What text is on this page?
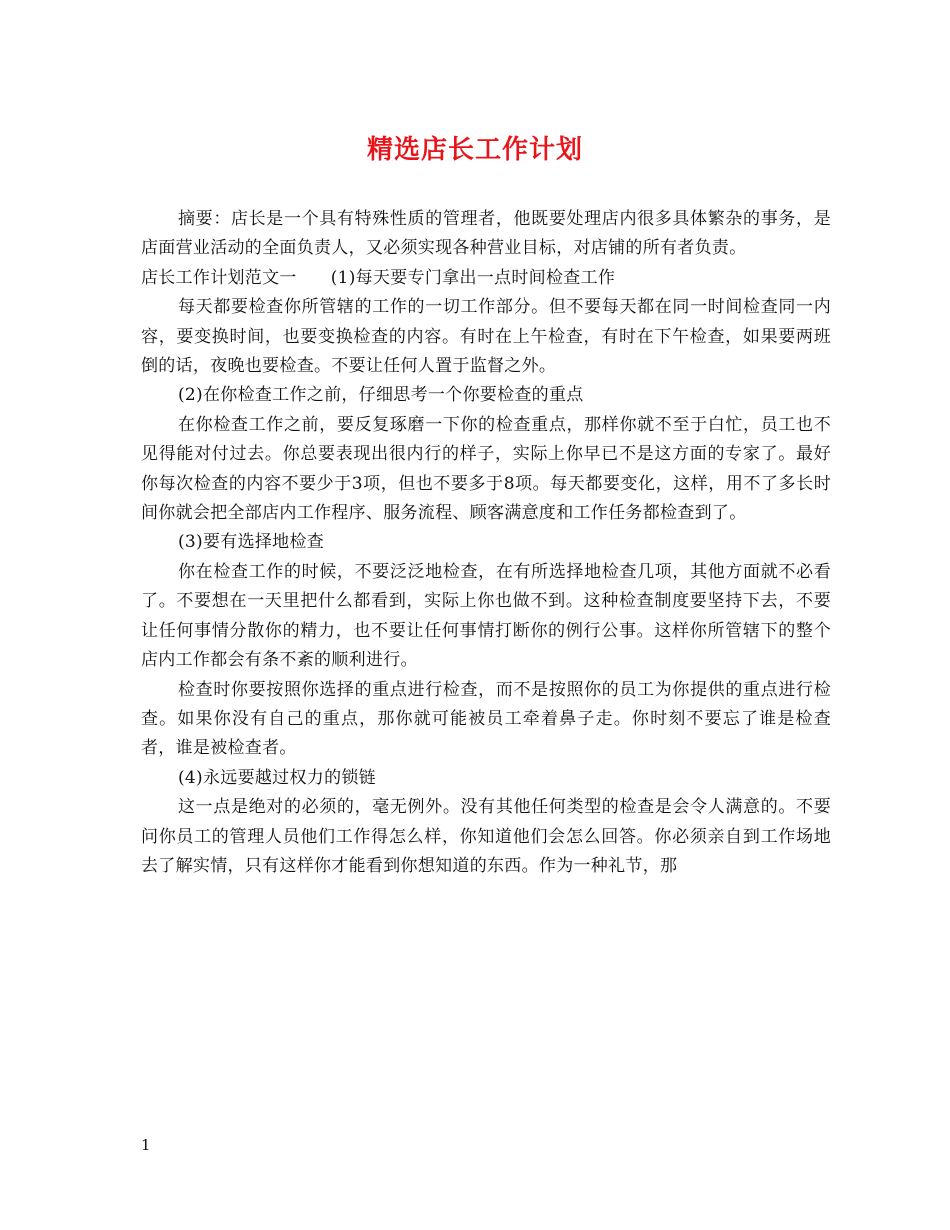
精选店长工作计划

摘要：店长是一个具有特殊性质的管理者，他既要处理店内很多具体繁杂的事务，是店面营业活动的全面负责人，又必须实现各种营业目标，对店铺的所有者负责。

店长工作计划范文一 (1)每天要专门拿出一点时间检查工作

每天都要检查你所管辖的工作的一切工作部分。但不要每天都在同一时间检查同一内容，要变换时间，也要变换检查的内容。有时在上午检查，有时在下午检查，如果要两班倒的话，夜晚也要检查。不要让任何人置于监督之外。

(2)在你检查工作之前，仔细思考一个你要检查的重点

在你检查工作之前，要反复琢磨一下你的检查重点，那样你就不至于白忙，员工也不见得能对付过去。你总要表现出很内行的样子，实际上你早已不是这方面的专家了。最好你每次检查的内容不要少于3项，但也不要多于8项。每天都要变化，这样，用不了多长时间你就会把全部店内工作程序、服务流程、顾客满意度和工作任务都检查到了。

(3)要有选择地检查

你在检查工作的时候，不要泛泛地检查，在有所选择地检查几项，其他方面就不必看了。不要想在一天里把什么都看到，实际上你也做不到。这种检查制度要坚持下去，不要让任何事情分散你的精力，也不要让任何事情打断你的例行公事。这样你所管辖下的整个店内工作都会有条不紊的顺利进行。

检查时你要按照你选择的重点进行检查，而不是按照你的员工为你提供的重点进行检查。如果你没有自己的重点，那你就可能被员工牵着鼻子走。你时刻不要忘了谁是检查者，谁是被检查者。

(4)永远要越过权力的锁链

这一点是绝对的必须的，毫无例外。没有其他任何类型的检查是会令人满意的。不要问你员工的管理人员他们工作得怎么样，你知道他们会怎么回答。你必须亲自到工作场地去了解实情，只有这样你才能看到你想知道的东西。作为一种礼节，那

1
